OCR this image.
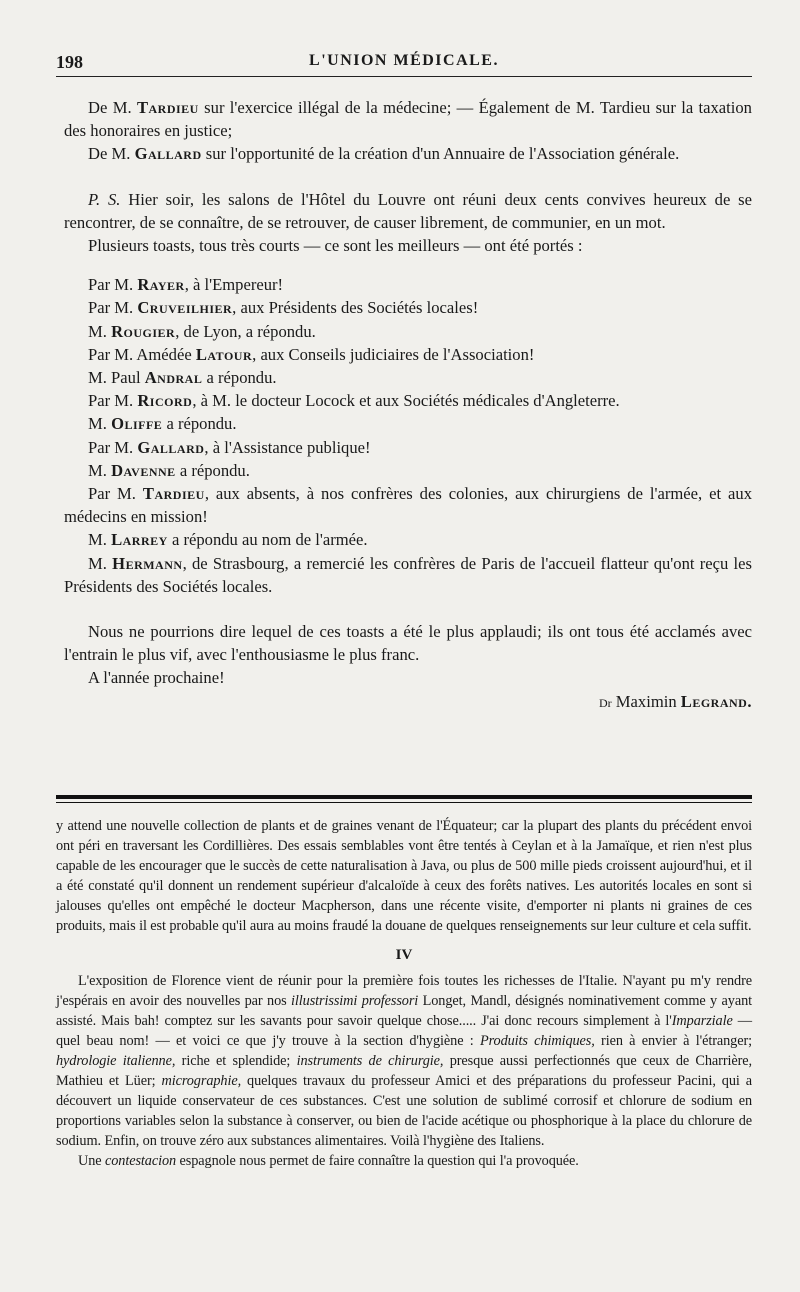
198	L'UNION MÉDICALE.

De M. Tardieu sur l'exercice illégal de la médecine; — Également de M. Tardieu sur la taxation des honoraires en justice;

De M. Gallard sur l'opportunité de la création d'un Annuaire de l'Association générale.

P. S. Hier soir, les salons de l'Hôtel du Louvre ont réuni deux cents convives heureux de se rencontrer, de se connaître, de se retrouver, de causer librement, de communier, en un mot.

Plusieurs toasts, tous très courts — ce sont les meilleurs — ont été portés :

Par M. Rayer, à l'Empereur!

Par M. Cruveilhier, aux Présidents des Sociétés locales!

M. Rougier, de Lyon, a répondu.

Par M. Amédée Latour, aux Conseils judiciaires de l'Association!

M. Paul Andral a répondu.

Par M. Ricord, à M. le docteur Locock et aux Sociétés médicales d'Angleterre.

M. Oliffe a répondu.

Par M. Gallard, à l'Assistance publique!

M. Davenne a répondu.

Par M. Tardieu, aux absents, à nos confrères des colonies, aux chirurgiens de l'armée, et aux médecins en mission!

M. Larrey a répondu au nom de l'armée.

M. Hermann, de Strasbourg, a remercié les confrères de Paris de l'accueil flatteur qu'ont reçu les Présidents des Sociétés locales.

Nous ne pourrions dire lequel de ces toasts a été le plus applaudi; ils ont tous été acclamés avec l'entrain le plus vif, avec l'enthousiasme le plus franc.

A l'année prochaine!

Dr Maximin Legrand.

y attend une nouvelle collection de plants et de graines venant de l'Équateur; car la plupart des plants du précédent envoi ont péri en traversant les Cordillières. Des essais semblables vont être tentés à Ceylan et à la Jamaïque, et rien n'est plus capable de les encourager que le succès de cette naturalisation à Java, ou plus de 500 mille pieds croissent aujourd'hui, et il a été constaté qu'il donnent un rendement supérieur d'alcaloïde à ceux des forêts natives. Les autorités locales en sont si jalouses qu'elles ont empêché le docteur Macpherson, dans une récente visite, d'emporter ni plants ni graines de ces produits, mais il est probable qu'il aura au moins fraudé la douane de quelques renseignements sur leur culture et cela suffit.

IV

L'exposition de Florence vient de réunir pour la première fois toutes les richesses de l'Italie. N'ayant pu m'y rendre j'espérais en avoir des nouvelles par nos illustrissimi professori Longet, Mandl, désignés nominativement comme y ayant assisté. Mais bah! comptez sur les savants pour savoir quelque chose..... J'ai donc recours simplement à l'Imparziale — quel beau nom! — et voici ce que j'y trouve à la section d'hygiène : Produits chimiques, rien à envier à l'étranger; hydrologie italienne, riche et splendide; instruments de chirurgie, presque aussi perfectionnés que ceux de Charrière, Mathieu et Lüer; micrographie, quelques travaux du professeur Amici et des préparations du professeur Pacini, qui a découvert un liquide conservateur de ces substances. C'est une solution de sublimé corrosif et chlorure de sodium en proportions variables selon la substance à conserver, ou bien de l'acide acétique ou phosphorique à la place du chlorure de sodium. Enfin, on trouve zéro aux substances alimentaires. Voilà l'hygiène des Italiens.

Une contestacion espagnole nous permet de faire connaître la question qui l'a provoquée.
